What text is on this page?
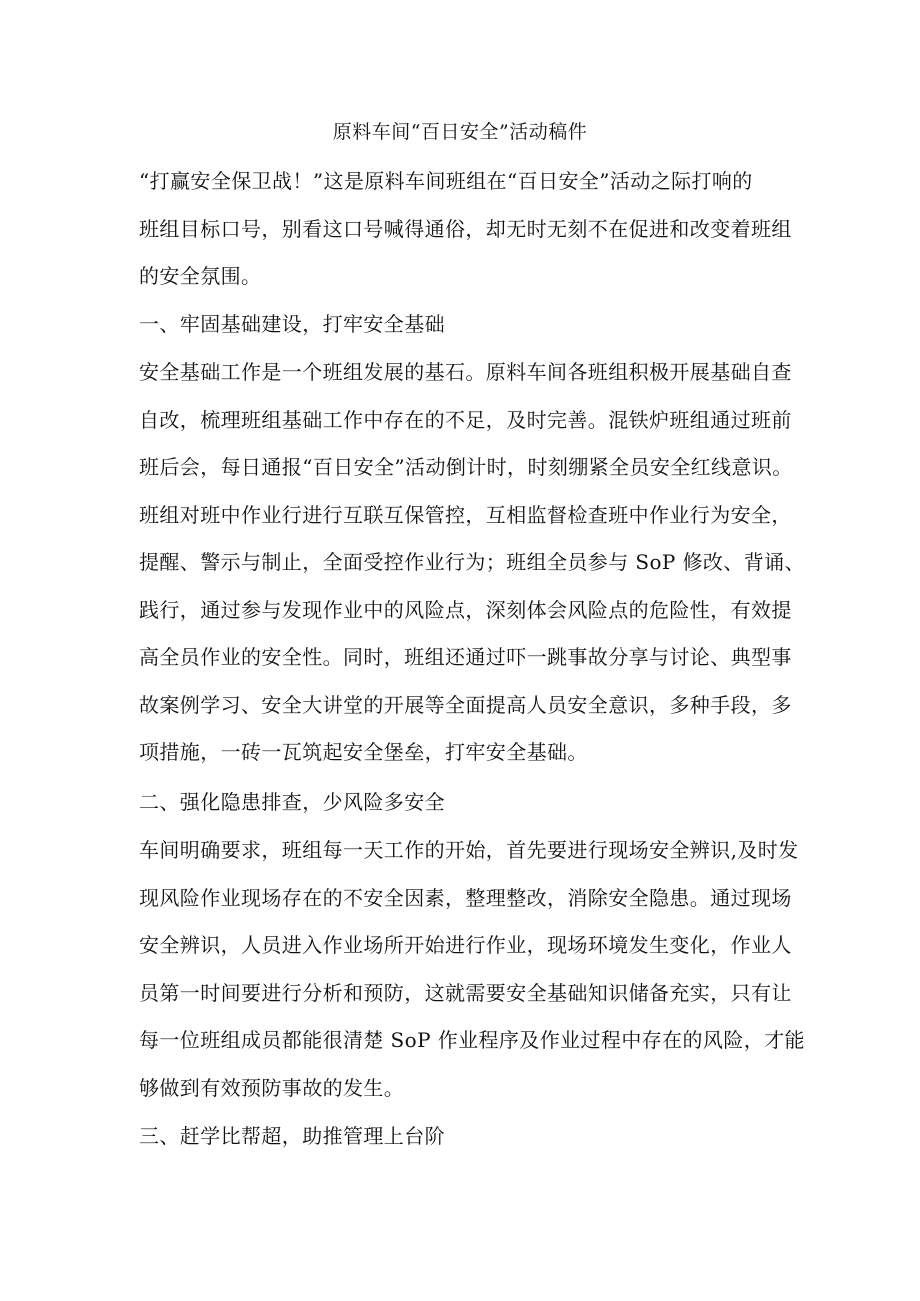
原料车间“百日安全”活动稿件
“打赢安全保卫战！”这是原料车间班组在“百日安全”活动之际打响的
班组目标口号，别看这口号喊得通俗，却无时无刻不在促进和改变着班组
的安全氛围。
一、牢固基础建设，打牢安全基础
安全基础工作是一个班组发展的基石。原料车间各班组积极开展基础自查
自改，梳理班组基础工作中存在的不足，及时完善。混铁炉班组通过班前
班后会，每日通报“百日安全”活动倒计时，时刻绷紧全员安全红线意识。
班组对班中作业行进行互联互保管控，互相监督检查班中作业行为安全，
提醒、警示与制止，全面受控作业行为；班组全员参与 SoP 修改、背诵、
践行，通过参与发现作业中的风险点，深刻体会风险点的危险性，有效提
高全员作业的安全性。同时，班组还通过吓一跳事故分享与讨论、典型事
故案例学习、安全大讲堂的开展等全面提高人员安全意识，多种手段，多
项措施，一砖一瓦筑起安全堡垒，打牢安全基础。
二、强化隐患排查，少风险多安全
车间明确要求，班组每一天工作的开始，首先要进行现场安全辨识,及时发
现风险作业现场存在的不安全因素，整理整改，消除安全隐患。通过现场
安全辨识，人员进入作业场所开始进行作业，现场环境发生变化，作业人
员第一时间要进行分析和预防，这就需要安全基础知识储备充实，只有让
每一位班组成员都能很清楚 SoP 作业程序及作业过程中存在的风险，才能
够做到有效预防事故的发生。
三、赶学比帮超，助推管理上台阶
